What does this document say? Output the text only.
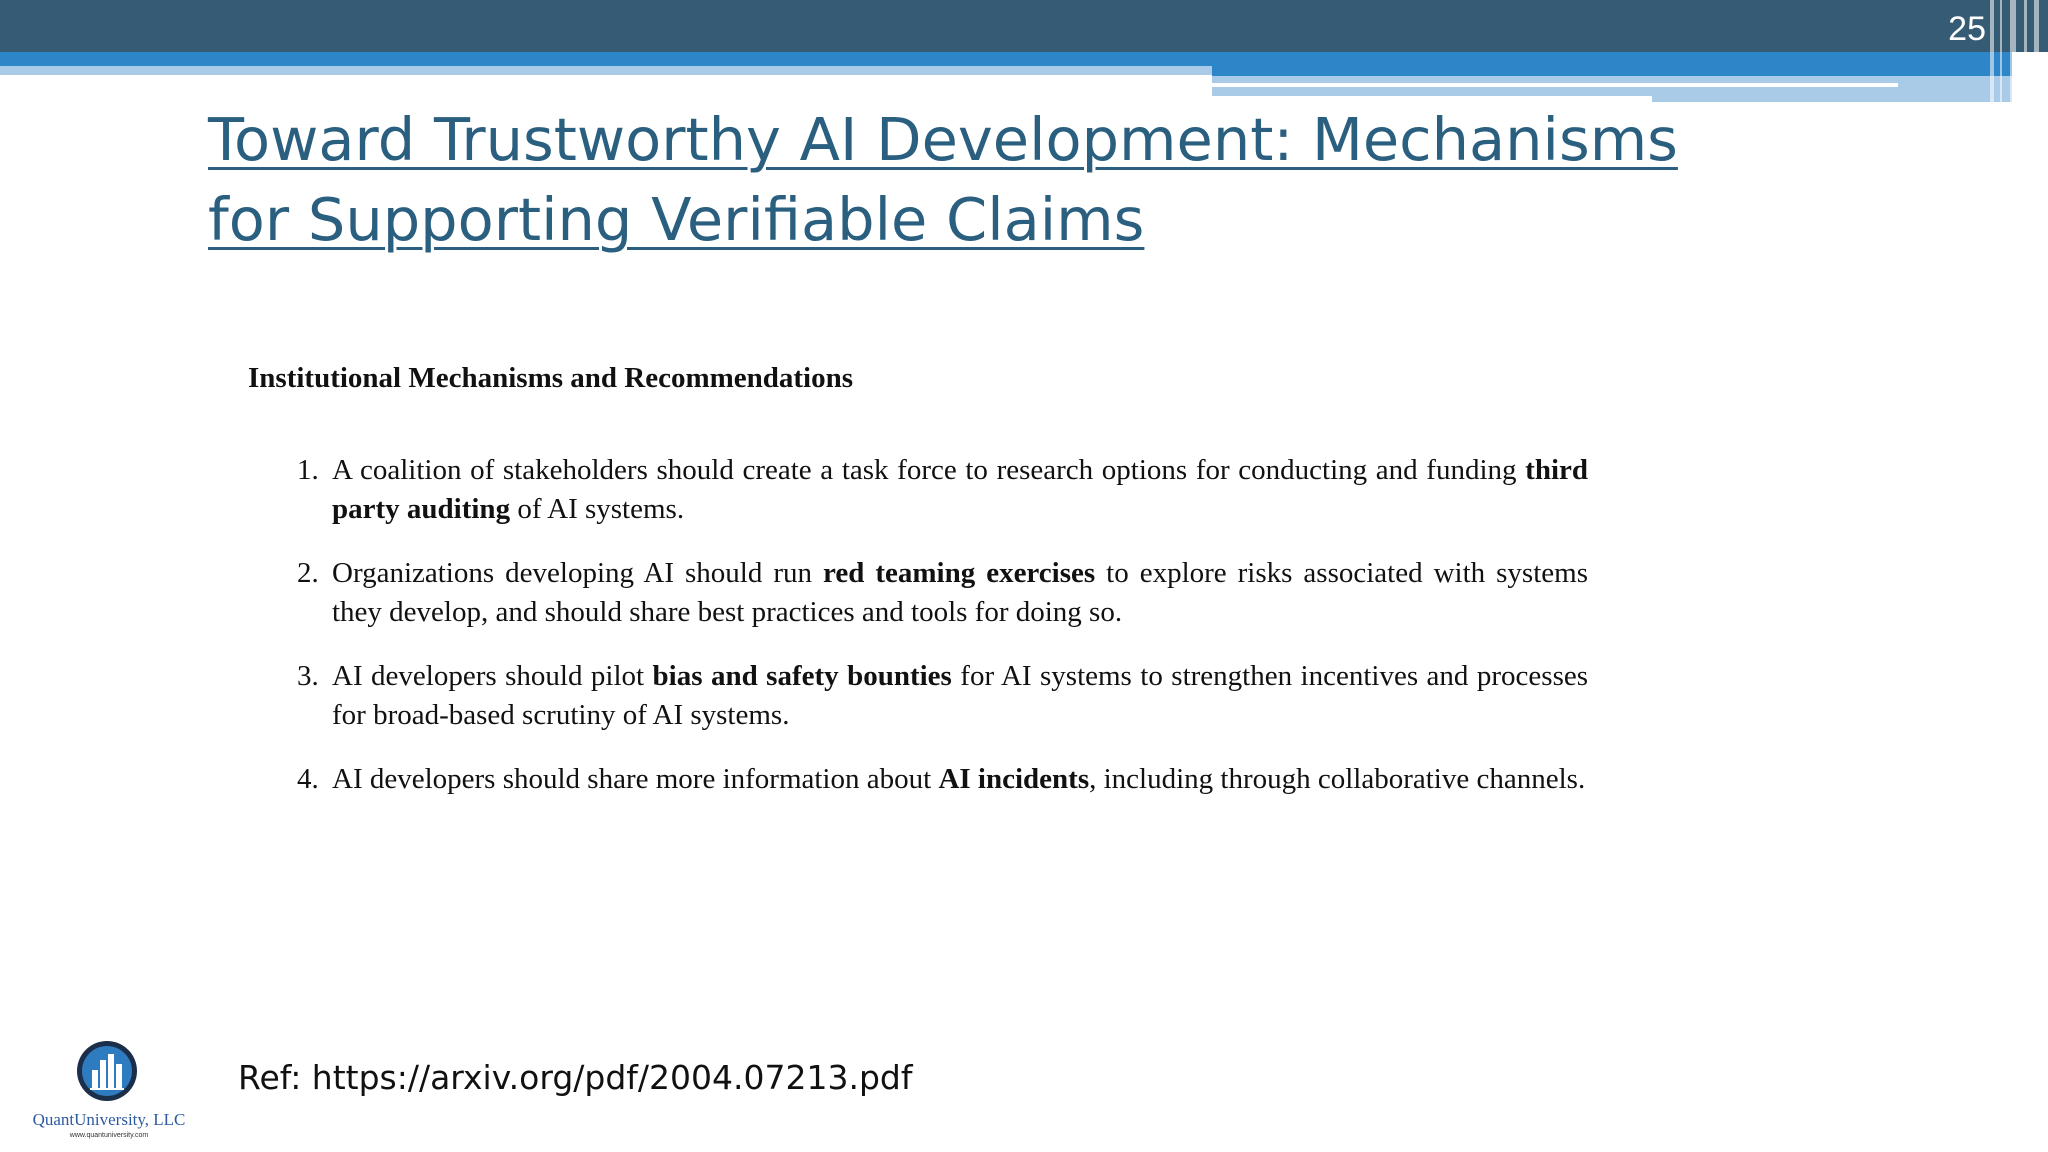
25
Toward Trustworthy AI Development: Mechanisms for Supporting Verifiable Claims
Institutional Mechanisms and Recommendations
1. A coalition of stakeholders should create a task force to research options for conducting and funding third party auditing of AI systems.
2. Organizations developing AI should run red teaming exercises to explore risks associated with systems they develop, and should share best practices and tools for doing so.
3. AI developers should pilot bias and safety bounties for AI systems to strengthen incentives and processes for broad-based scrutiny of AI systems.
4. AI developers should share more information about AI incidents, including through collaborative channels.
Ref: https://arxiv.org/pdf/2004.07213.pdf
QuantUniversity, LLC
www.quantuniversity.com
